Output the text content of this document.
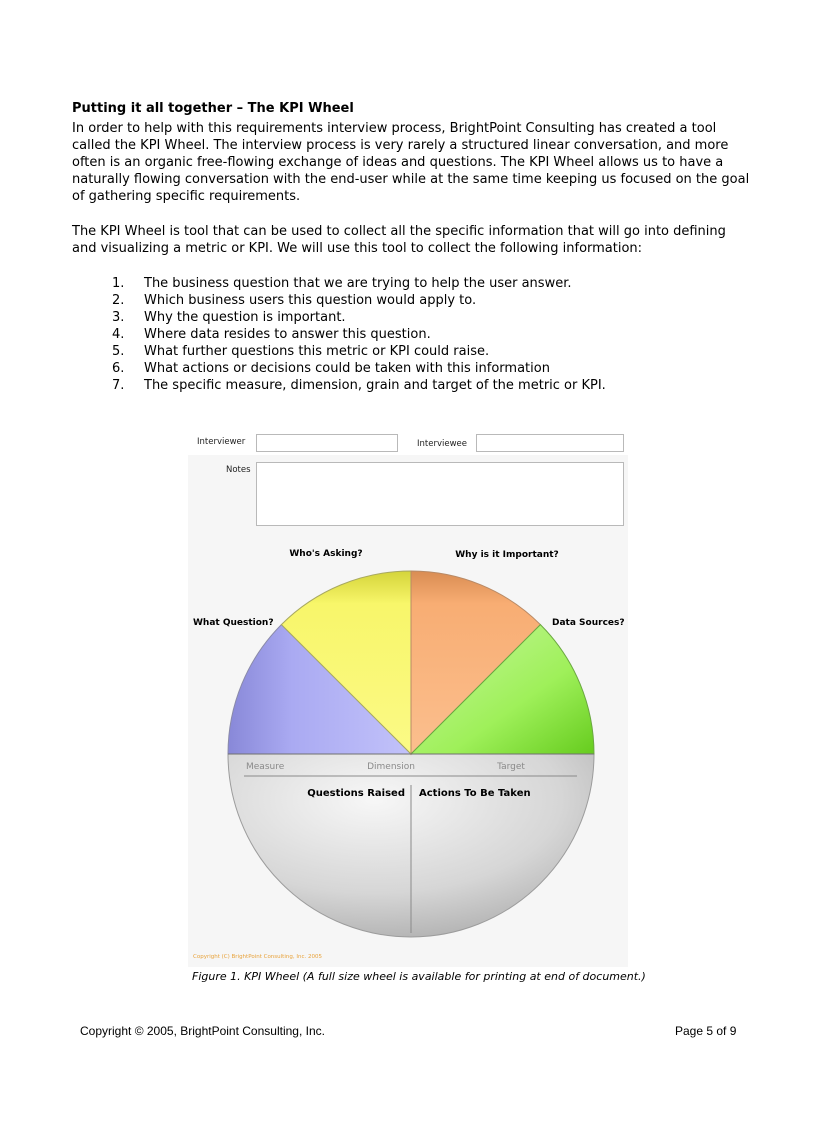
Putting it all together – The KPI Wheel
In order to help with this requirements interview process, BrightPoint Consulting has created a tool called the KPI Wheel. The interview process is very rarely a structured linear conversation, and more often is an organic free-flowing exchange of ideas and questions. The KPI Wheel allows us to have a naturally flowing conversation with the end-user while at the same time keeping us focused on the goal of gathering specific requirements.
The KPI Wheel is tool that can be used to collect all the specific information that will go into defining and visualizing a metric or KPI. We will use this tool to collect the following information:
1.	The business question that we are trying to help the user answer.
2.	Which business users this question would apply to.
3.	Why the question is important.
4.	Where data resides to answer this question.
5.	What further questions this metric or KPI could raise.
6.	What actions or decisions could be taken with this information
7.	The specific measure, dimension, grain and target of the metric or KPI.
Interviewer	Interviewee
Notes
Who's Asking?	Why is it Important?
What Question?	Data Sources?
Measure	Dimension	Target
Questions Raised Actions To Be Taken
Copyright (C) BrightPoint Consulting, Inc. 2005
Figure 1. KPI Wheel (A full size wheel is available for printing at end of document.)
Copyright © 2005, BrightPoint Consulting, Inc.	Page 5 of 9
